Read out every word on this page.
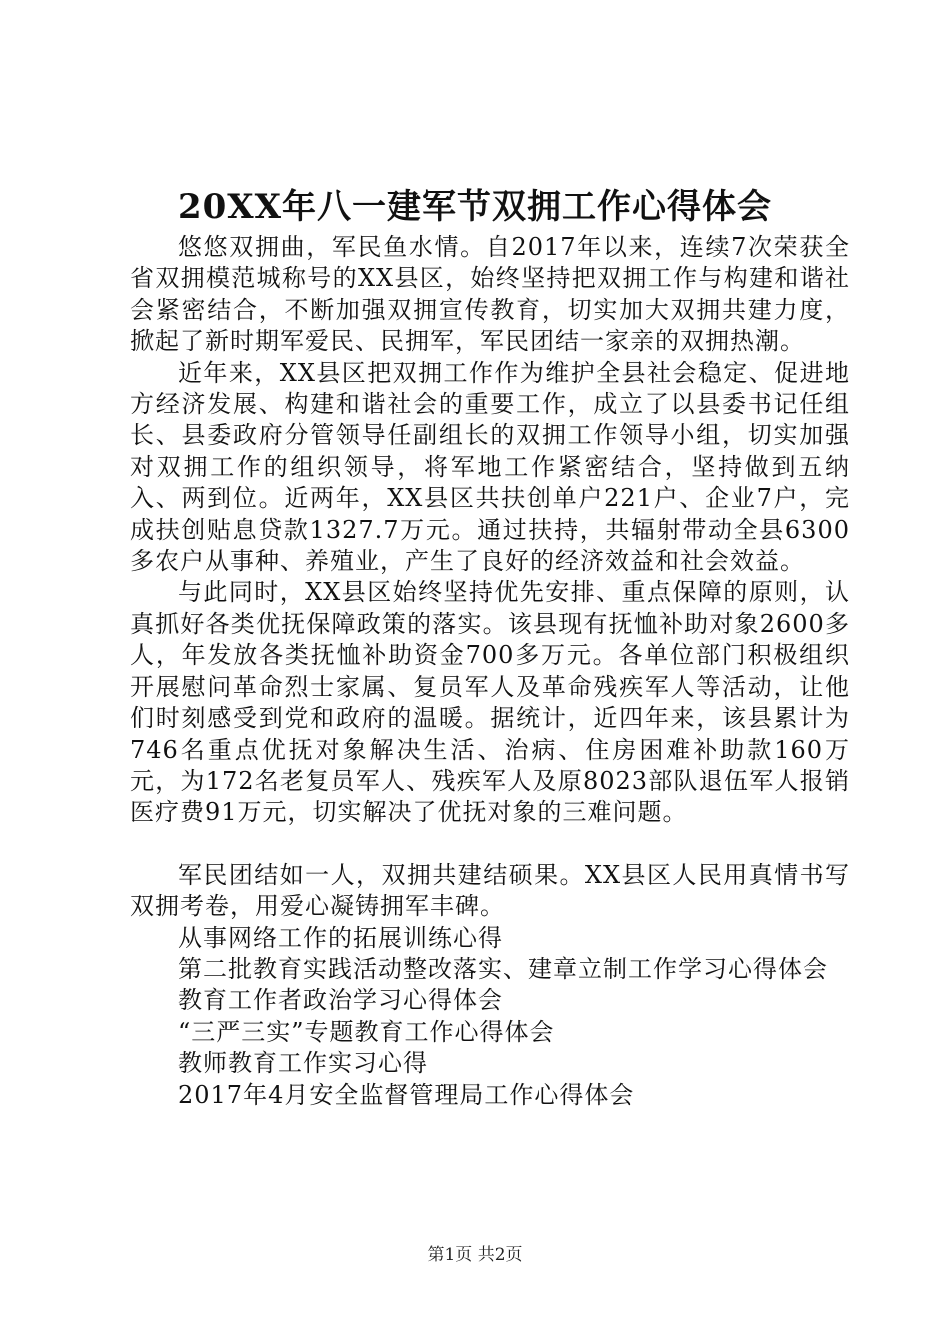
20XX年八一建军节双拥工作心得体会

悠悠双拥曲，军民鱼水情。自2017年以来，连续7次荣获全省双拥模范城称号的XX县区，始终坚持把双拥工作与构建和谐社会紧密结合，不断加强双拥宣传教育，切实加大双拥共建力度，掀起了新时期军爱民、民拥军，军民团结一家亲的双拥热潮。

近年来，XX县区把双拥工作作为维护全县社会稳定、促进地方经济发展、构建和谐社会的重要工作，成立了以县委书记任组长、县委政府分管领导任副组长的双拥工作领导小组，切实加强对双拥工作的组织领导，将军地工作紧密结合，坚持做到五纳入、两到位。近两年，XX县区共扶创单户221户、企业7户，完成扶创贴息贷款1327.7万元。通过扶持，共辐射带动全县6300多农户从事种、养殖业，产生了良好的经济效益和社会效益。

与此同时，XX县区始终坚持优先安排、重点保障的原则，认真抓好各类优抚保障政策的落实。该县现有抚恤补助对象2600多人，年发放各类抚恤补助资金700多万元。各单位部门积极组织开展慰问革命烈士家属、复员军人及革命残疾军人等活动，让他们时刻感受到党和政府的温暖。据统计，近四年来，该县累计为746名重点优抚对象解决生活、治病、住房困难补助款160万元，为172名老复员军人、残疾军人及原8023部队退伍军人报销医疗费91万元，切实解决了优抚对象的三难问题。

军民团结如一人，双拥共建结硕果。XX县区人民用真情书写双拥考卷，用爱心凝铸拥军丰碑。

从事网络工作的拓展训练心得

第二批教育实践活动整改落实、建章立制工作学习心得体会

教育工作者政治学习心得体会

“三严三实”专题教育工作心得体会

教师教育工作实习心得

2017年4月安全监督管理局工作心得体会

第1页 共2页
